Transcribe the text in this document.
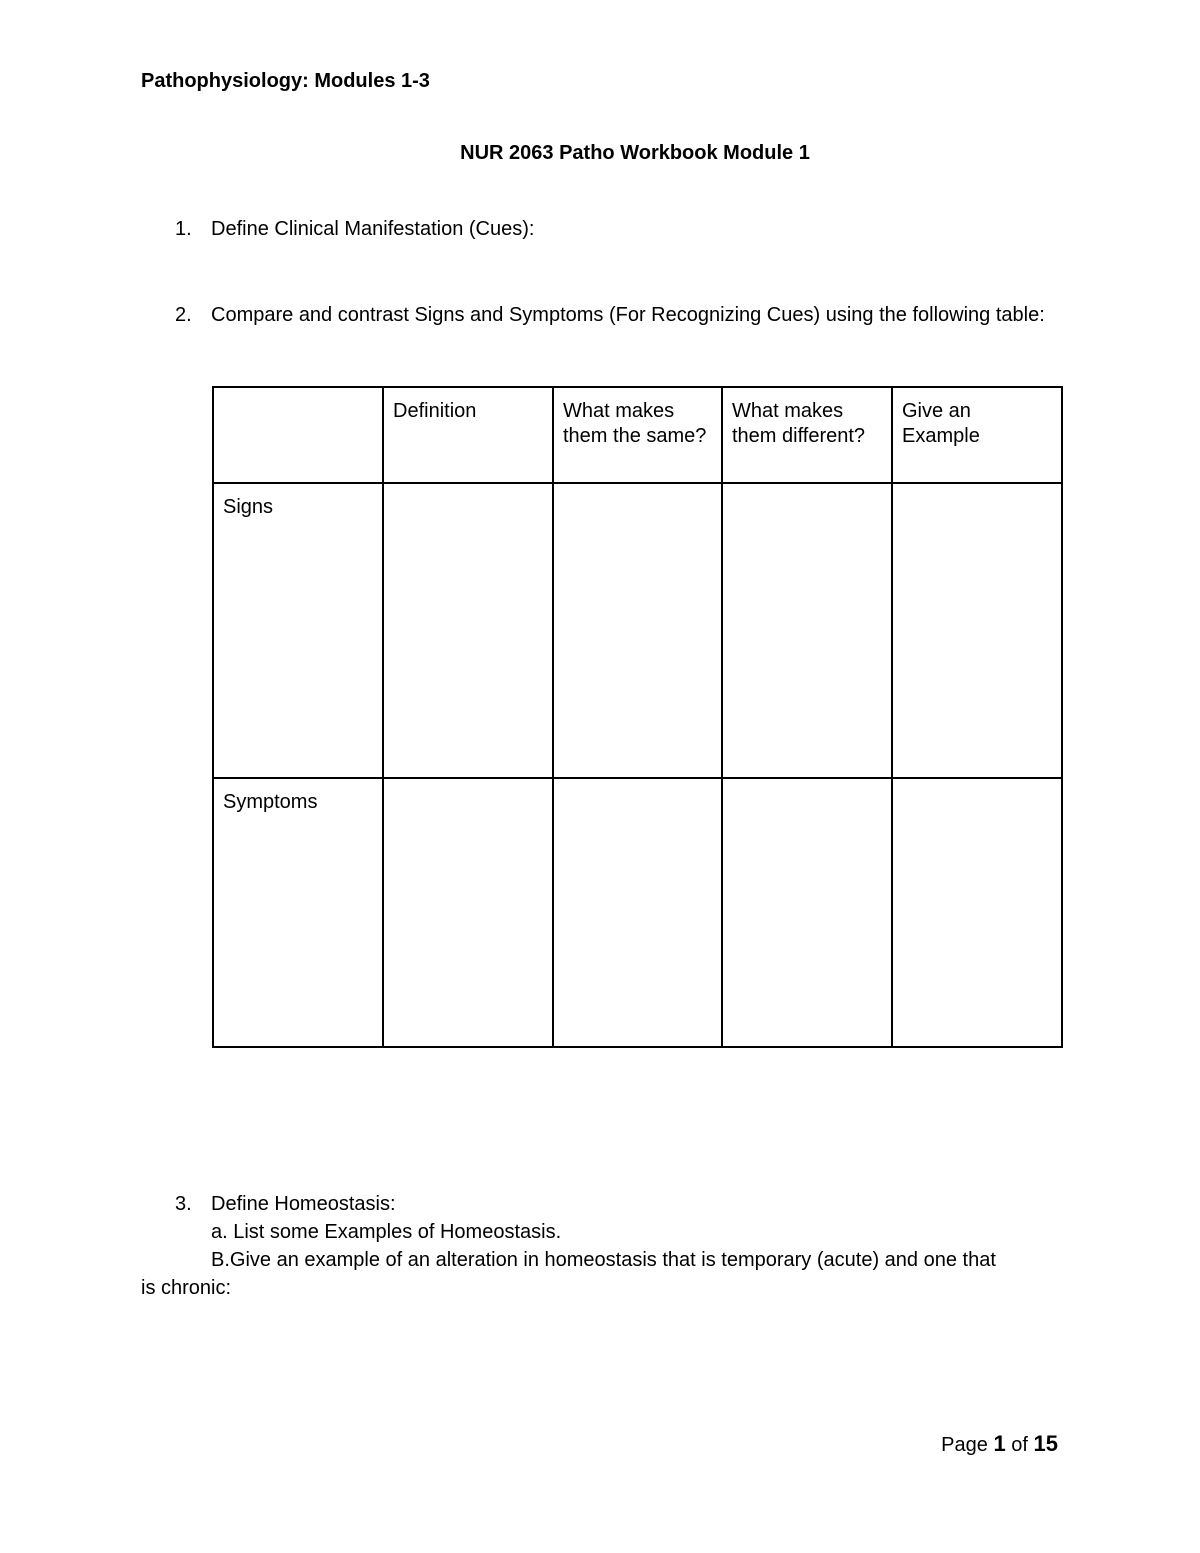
Pathophysiology: Modules 1-3
NUR 2063 Patho Workbook Module 1
1. Define Clinical Manifestation (Cues):
2. Compare and contrast Signs and Symptoms (For Recognizing Cues) using the following table:
	Definition	What makes them the same?	What makes them different?	Give an Example
Signs				
Symptoms				
3. Define Homeostasis:
a. List some Examples of Homeostasis.
B.Give an example of an alteration in homeostasis that is temporary (acute) and one that
is chronic:
Page 1 of 15
